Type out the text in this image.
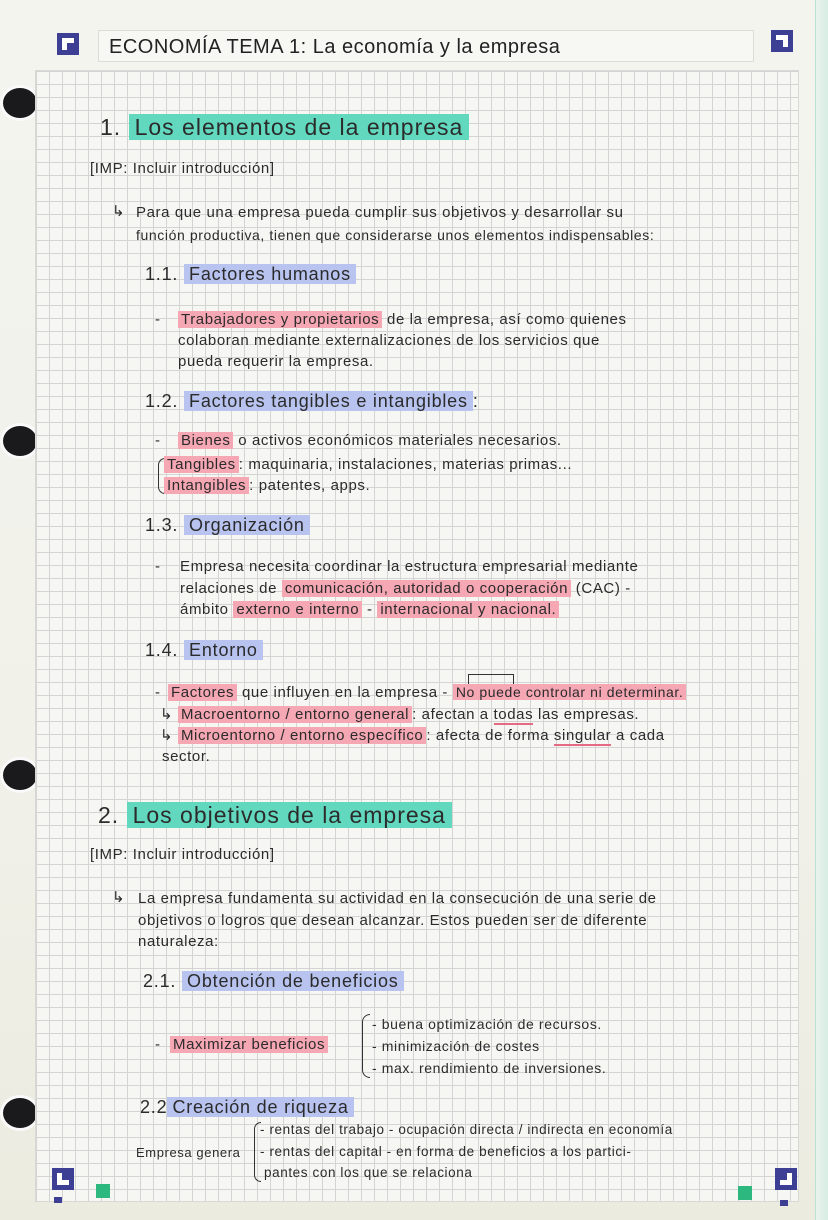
ECONOMÍA TEMA 1: La economía y la empresa
1. Los elementos de la empresa
[IMP: Incluir introducción]
↳ Para que una empresa pueda cumplir sus objetivos y desarrollar su
función productiva, tienen que considerarse unos elementos indispensables:
1.1. Factores humanos
- Trabajadores y propietarios de la empresa, así como quienes
colaboran mediante externalizaciones de los servicios que
pueda requerir la empresa.
1.2. Factores tangibles e intangibles :
- Bienes o activos económicos materiales necesarios.
Tangibles : maquinaria, instalaciones, materias primas...
Intangibles : patentes, apps.
1.3. Organización
- Empresa necesita coordinar la estructura empresarial mediante
relaciones de comunicación, autoridad o cooperación (CAC) -
ámbito externo e interno - internacional y nacional.
1.4. Entorno
- Factores que influyen en la empresa - No puede controlar ni determinar.
↳ Macroentorno / entorno general : afectan a todas las empresas.
↳ Microentorno / entorno específico : afecta de forma singular a cada
sector.
2. Los objetivos de la empresa
[IMP: Incluir introducción]
↳ La empresa fundamenta su actividad en la consecución de una serie de
objetivos o logros que desean alcanzar. Estos pueden ser de diferente
naturaleza:
2.1. Obtención de beneficios
- Maximizar beneficios
- buena optimización de recursos.
- minimización de costes
- max. rendimiento de inversiones.
2.2 Creación de riqueza
Empresa genera
- rentas del trabajo - ocupación directa / indirecta en economía
- rentas del capital - en forma de beneficios a los partici-
pantes con los que se relaciona
